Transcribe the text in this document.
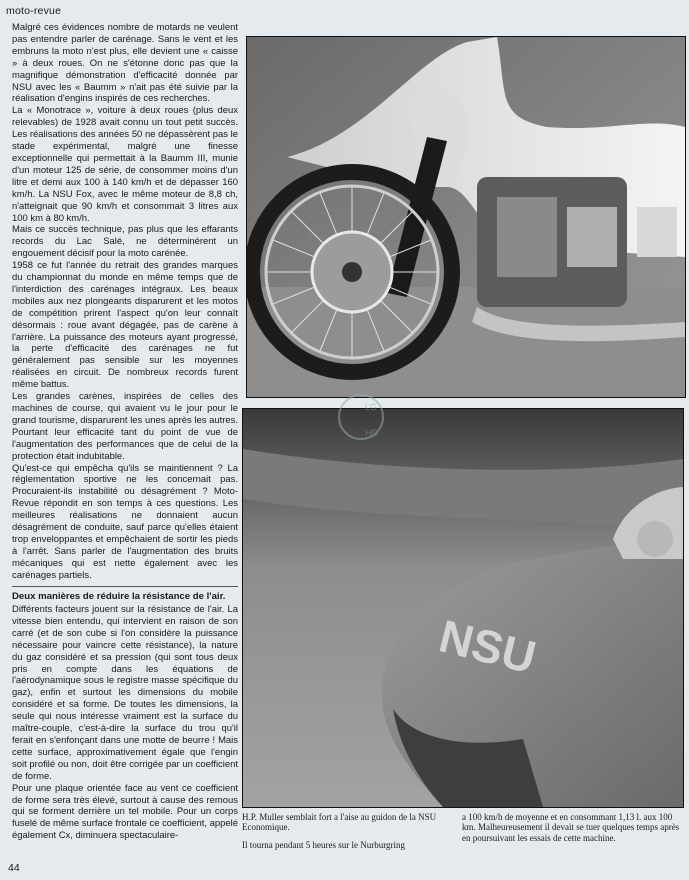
moto-revue

Malgré ces évidences nombre de motards ne veulent pas entendre parler de carénage. Sans le vent et les embruns la moto n'est plus, elle devient une « caisse » à deux roues. On ne s'étonne donc pas que la magnifique démonstration d'efficacité donnée par NSU avec les « Baumm » n'ait pas été suivie par la réalisation d'engins inspirés de ces recherches.

La « Monotrace », voiture à deux roues (plus deux relevables) de 1928 avait connu un tout petit succès. Les réalisations des années 50 ne dépassèrent pas le stade expérimental, malgré une finesse exceptionnelle qui permettait à la Baumm III, munie d'un moteur 125 de série, de consommer moins d'un litre et demi aux 100 à 140 km/h et de dépasser 160 km/h. La NSU Fox, avec le même moteur de 8,8 ch, n'atteignait que 90 km/h et consommait 3 litres aux 100 km à 80 km/h.

Mais ce succès technique, pas plus que les effarants records du Lac Salé, ne déterminèrent un engouement décisif pour la moto carénée.

1958 ce fut l'année du retrait des grandes marques du championnat du monde en même temps que de l'interdiction des carénages intégraux. Les beaux mobiles aux nez plongeants disparurent et les motos de compétition prirent l'aspect qu'on leur connaît désormais : roue avant dégagée, pas de carène à l'arrière. La puissance des moteurs ayant progressé, la perte d'efficacité des carénages ne fut généralement pas sensible sur les moyennes réalisées en circuit. De nombreux records furent même battus.

Les grandes carènes, inspirées de celles des machines de course, qui avaient vu le jour pour le grand tourisme, disparurent les unes après les autres. Pourtant leur efficacité tant du point de vue de l'augmentation des performances que de celui de la protection était indubitable.

Qu'est-ce qui empêcha qu'ils se maintiennent ? La réglementation sportive ne les concernait pas. Procuraient-ils instabilité ou désagrément ? Moto-Revue répondit en son temps à ces questions. Les meilleures réalisations ne donnaient aucun désagrément de conduite, sauf parce qu'elles étaient trop enveloppantes et empêchaient de sortir les pieds à l'arrêt. Sans parler de l'augmentation des bruits mécaniques qui est nette également avec les carénages partiels.

Deux manières de réduire la résistance de l'air.

Différents facteurs jouent sur la résistance de l'air. La vitesse bien entendu, qui intervient en raison de son carré (et de son cube si l'on considère la puissance nécessaire pour vaincre cette résistance), la nature du gaz considéré et sa pression (qui sont tous deux pris en compte dans les équations de l'aérodynamique sous le registre masse spécifique du gaz), enfin et surtout les dimensions du mobile considéré et sa forme. De toutes les dimensions, la seule qui nous intéresse vraiment est la surface du maître-couple, c'est-à-dire la surface du trou qu'il ferait en s'enfonçant dans une motte de beurre ! Mais cette surface, approximativement égale que l'engin soit profilé ou non, doit être corrigée par un coefficient de forme.

Pour une plaque orientée face au vent ce coefficient de forme sera très élevé, surtout à cause des remous qui se forment derrière un tel mobile. Pour un corps fuselé de même surface frontale ce coefficient, appelé également Cx, diminuera spectaculaire-

NSU
LG
HD

H.P. Muller semblait fort a l'aise au guidon de la NSU Economique.

Il tourna pendant 5 heures sur le Nurburgring

a 100 km/h de moyenne et en consommant 1,13 l. aux 100 km. Malheureusement il devait se tuer quelques temps après en poursuivant les essais de cette machine.

44
